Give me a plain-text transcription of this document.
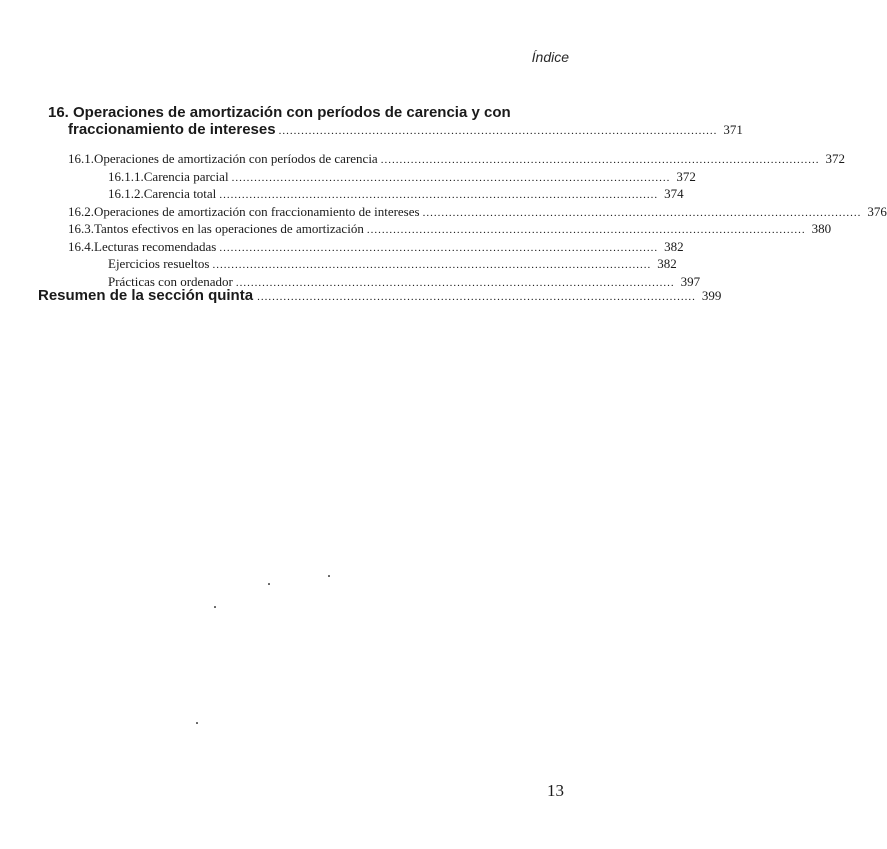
Índice
16. Operaciones de amortización con períodos de carencia y con
fraccionamiento de intereses ..................................................................................................................... 371
16.1. Operaciones de amortización con períodos de carencia ..................................................................................................................... 372
16.1.1. Carencia parcial ..................................................................................................................... 372
16.1.2. Carencia total ..................................................................................................................... 374
16.2. Operaciones de amortización con fraccionamiento de intereses ..................................................................................................................... 376
16.3. Tantos efectivos en las operaciones de amortización ..................................................................................................................... 380
16.4. Lecturas recomendadas ..................................................................................................................... 382
Ejercicios resueltos ..................................................................................................................... 382
Prácticas con ordenador ..................................................................................................................... 397
Resumen de la sección quinta ..................................................................................................................... 399
13
